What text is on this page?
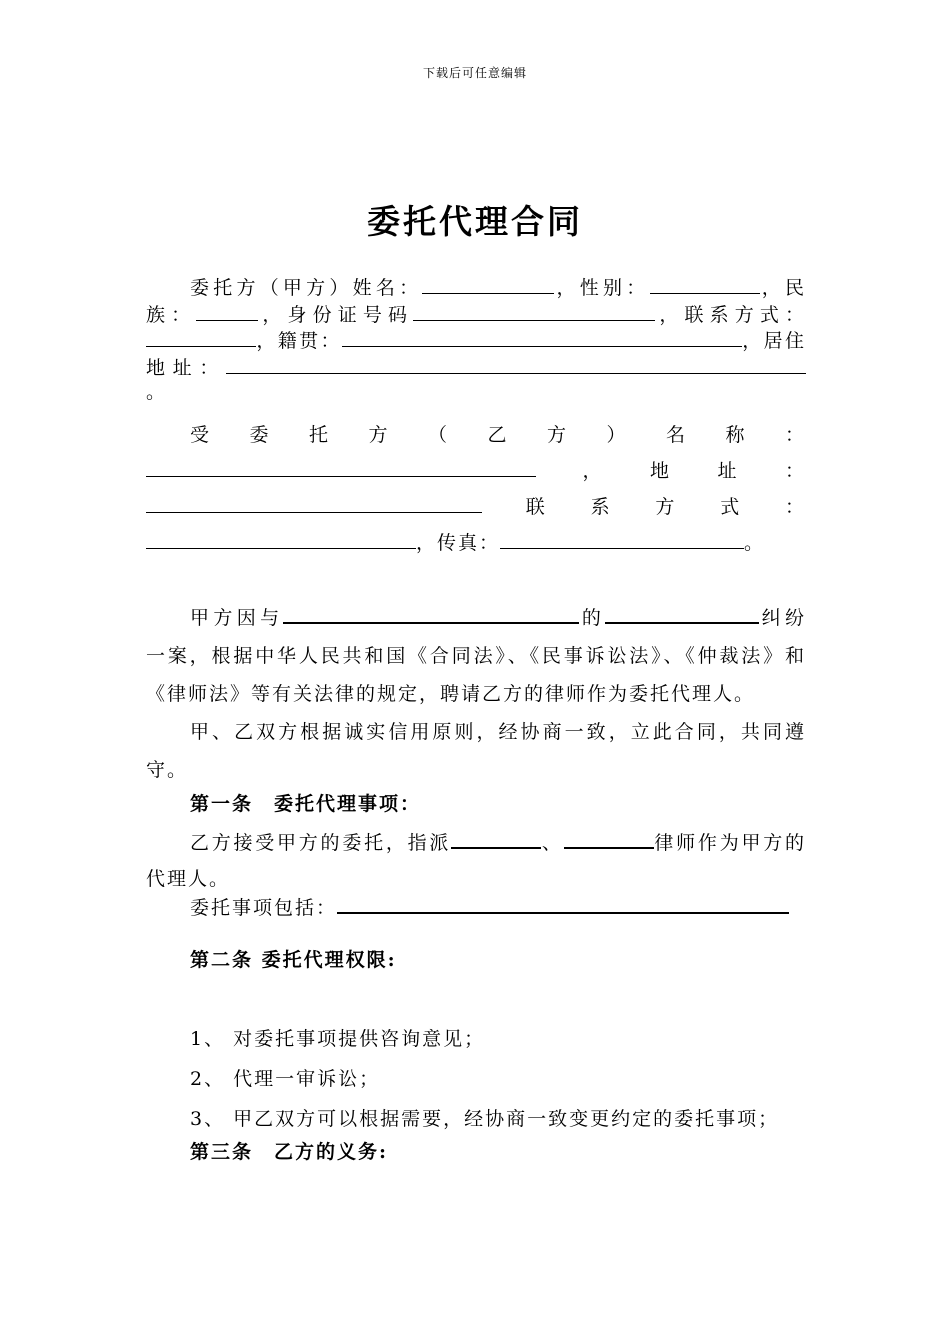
下载后可任意编辑
委托代理合同

委托方（甲方）姓名：	，性别：	，民族：	，身份证号码	，联系方式：，籍贯：	，居住地址：。

受委托方（乙方）名称：，地址：联系方式：，传真：	。

甲方因与	的	纠纷一案，根据中华人民共和国《合同法》、《民事诉讼法》、《仲裁法》和《律师法》等有关法律的规定，聘请乙方的律师作为委托代理人。

甲、乙双方根据诚实信用原则，经协商一致，立此合同，共同遵守。

第一条　委托代理事项：

乙方接受甲方的委托，指派	、	律师作为甲方的代理人。

委托事项包括：

第二条 委托代理权限:

1、 对委托事项提供咨询意见；
2、 代理一审诉讼；
3、 甲乙双方可以根据需要，经协商一致变更约定的委托事项；

第三条　乙方的义务:
